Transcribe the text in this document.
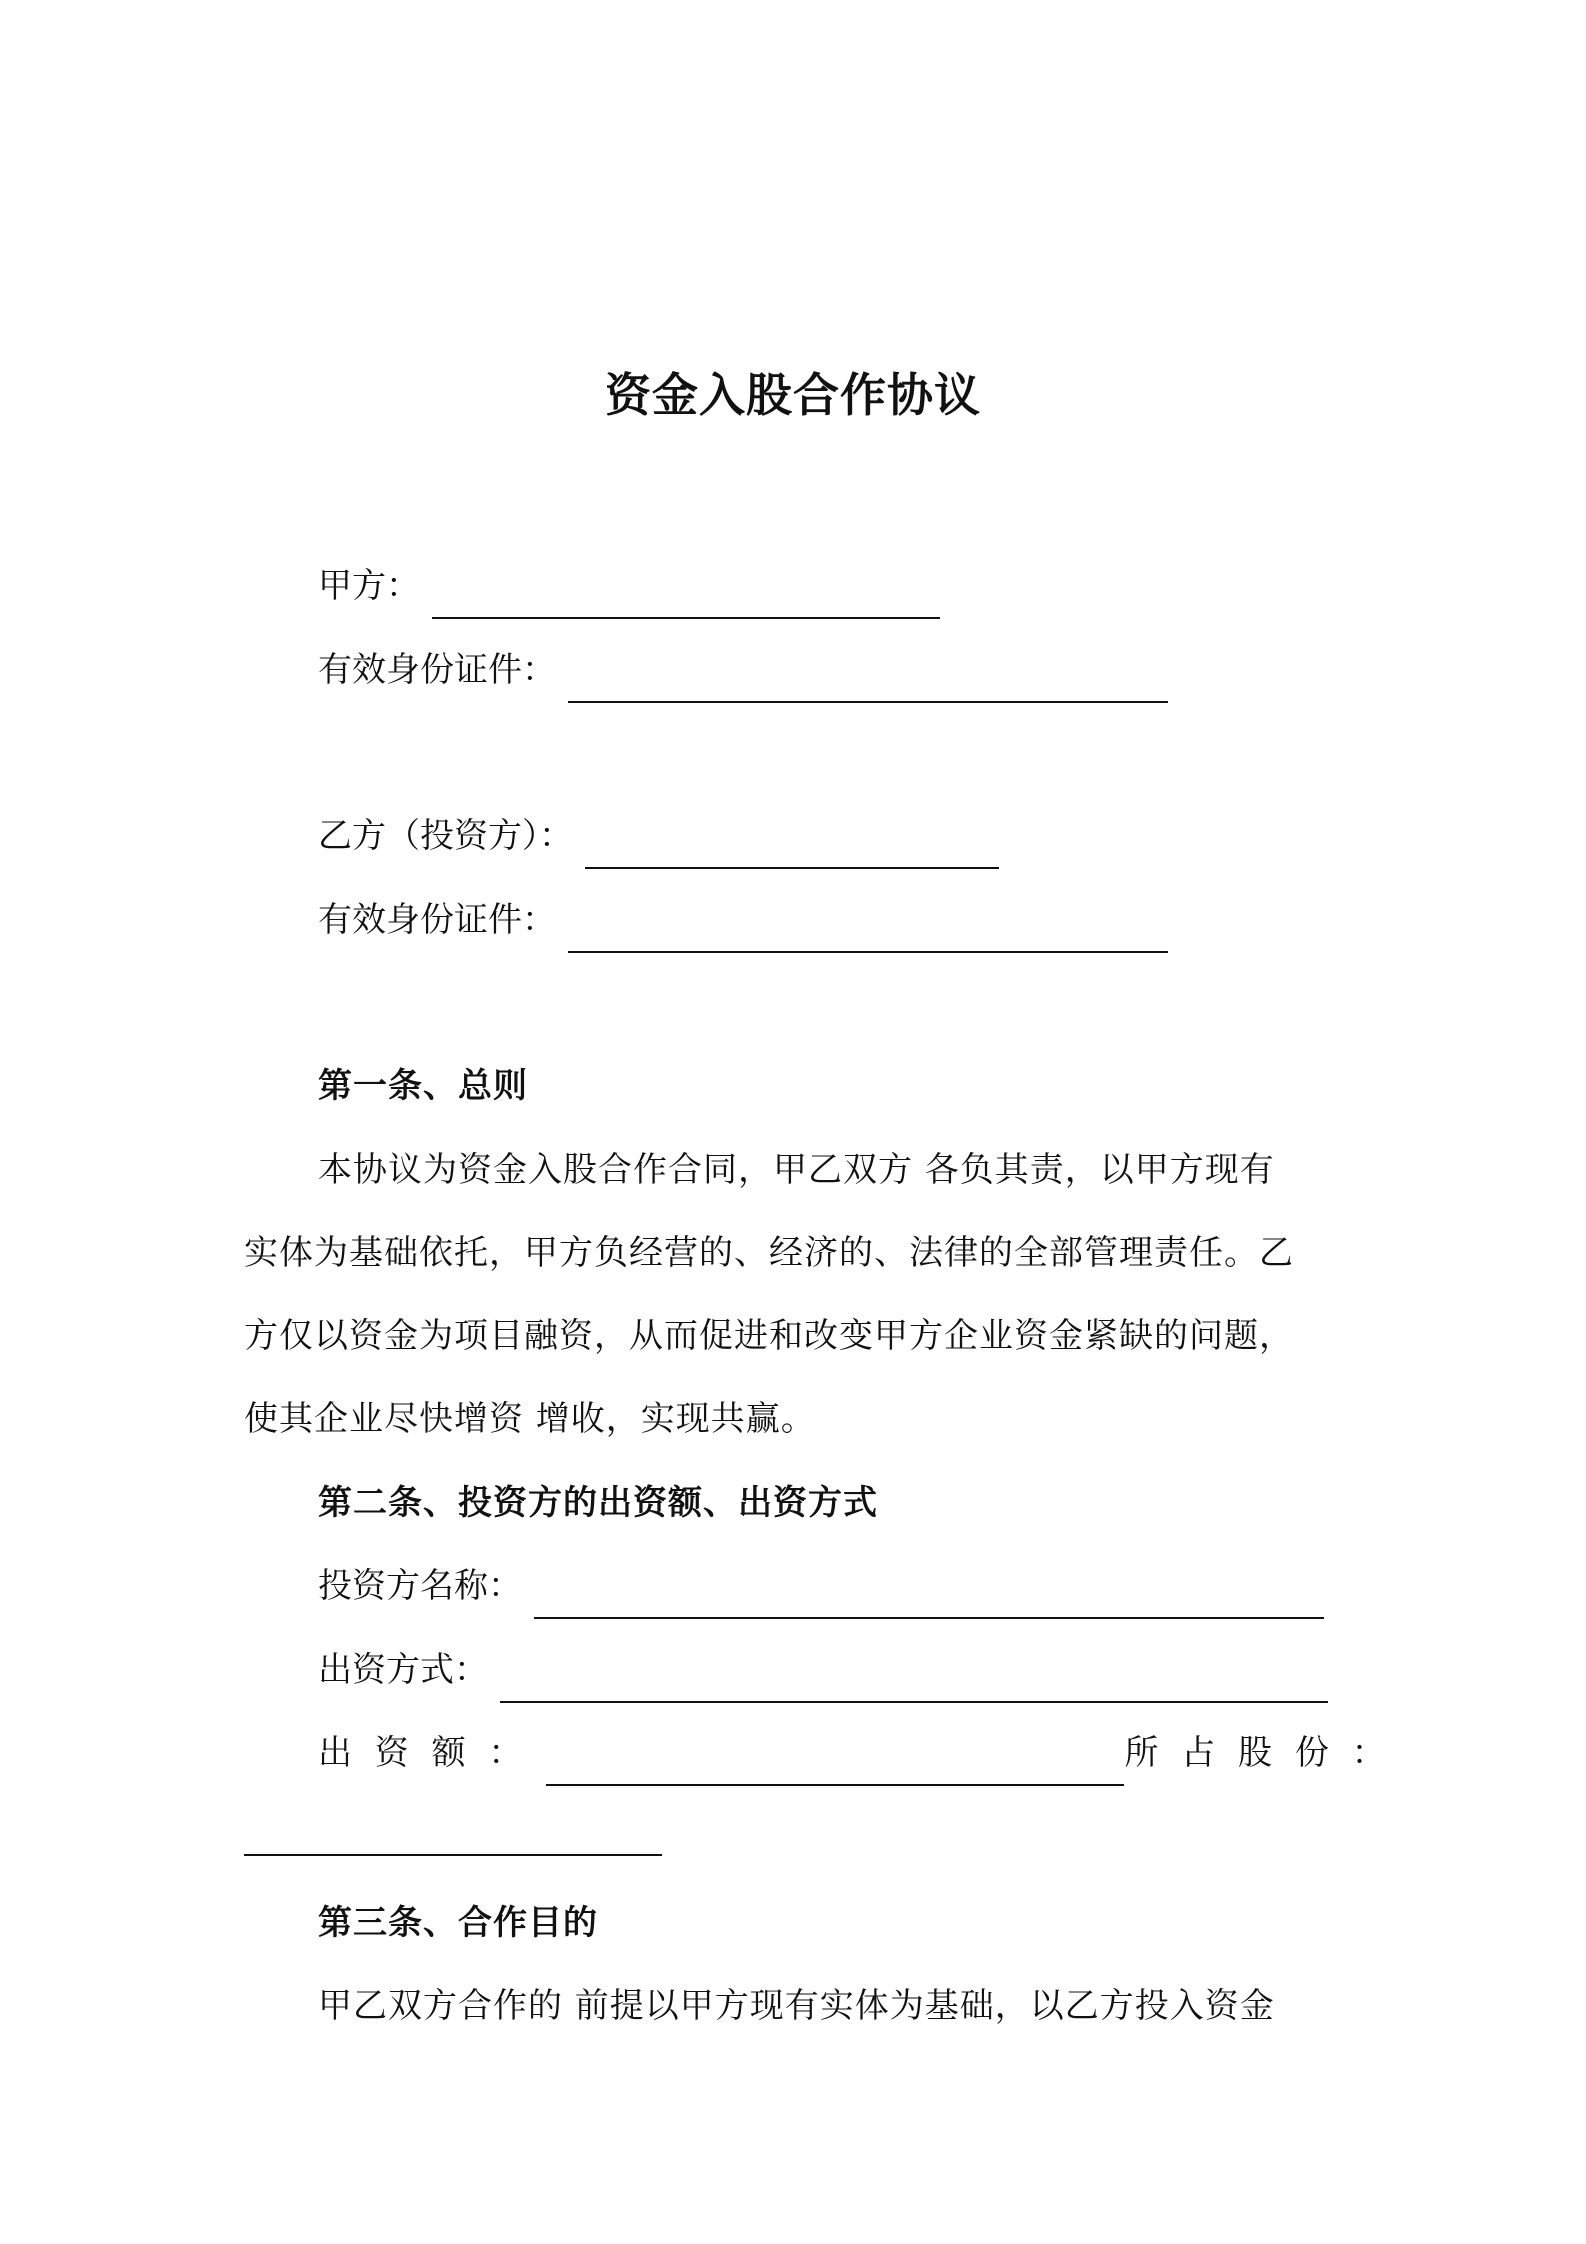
资金入股合作协议
甲方：
有效身份证件：
乙方（投资方）：
有效身份证件：
第一条、总则
本协议为资金入股合作合同，甲乙双方 各负其责，以甲方现有
实体为基础依托，甲方负经营的、经济的、法律的全部管理责任。乙
方仅以资金为项目融资，从而促进和改变甲方企业资金紧缺的问题，
使其企业尽快增资 增收，实现共赢。
第二条、投资方的出资额、出资方式
投资方名称：
出资方式：
出 资 额 ：	所 占 股 份 ：
第三条、合作目的
甲乙双方合作的 前提以甲方现有实体为基础，以乙方投入资金
